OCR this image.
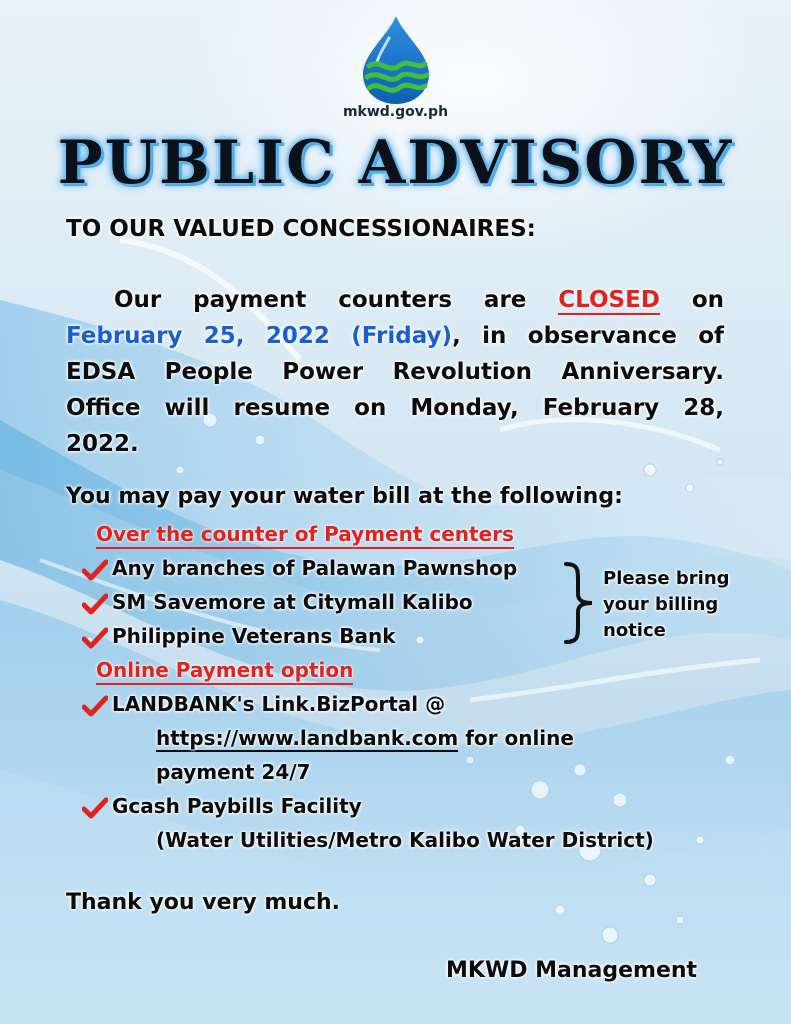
mkwd.gov.ph
PUBLIC ADVISORY
TO OUR VALUED CONCESSIONAIRES:
Our payment counters are CLOSED on
February 25, 2022 (Friday), in observance of
EDSA People Power Revolution Anniversary.
Office will resume on Monday, February 28,
2022.
You may pay your water bill at the following:
Over the counter of Payment centers
Any branches of Palawan Pawnshop
SM Savemore at Citymall Kalibo
Philippine Veterans Bank
Please bring
your billing
notice
Online Payment option
LANDBANK's Link.BizPortal @
https://www.landbank.com for online
payment 24/7
Gcash Paybills Facility
(Water Utilities/Metro Kalibo Water District)
Thank you very much.
MKWD Management
